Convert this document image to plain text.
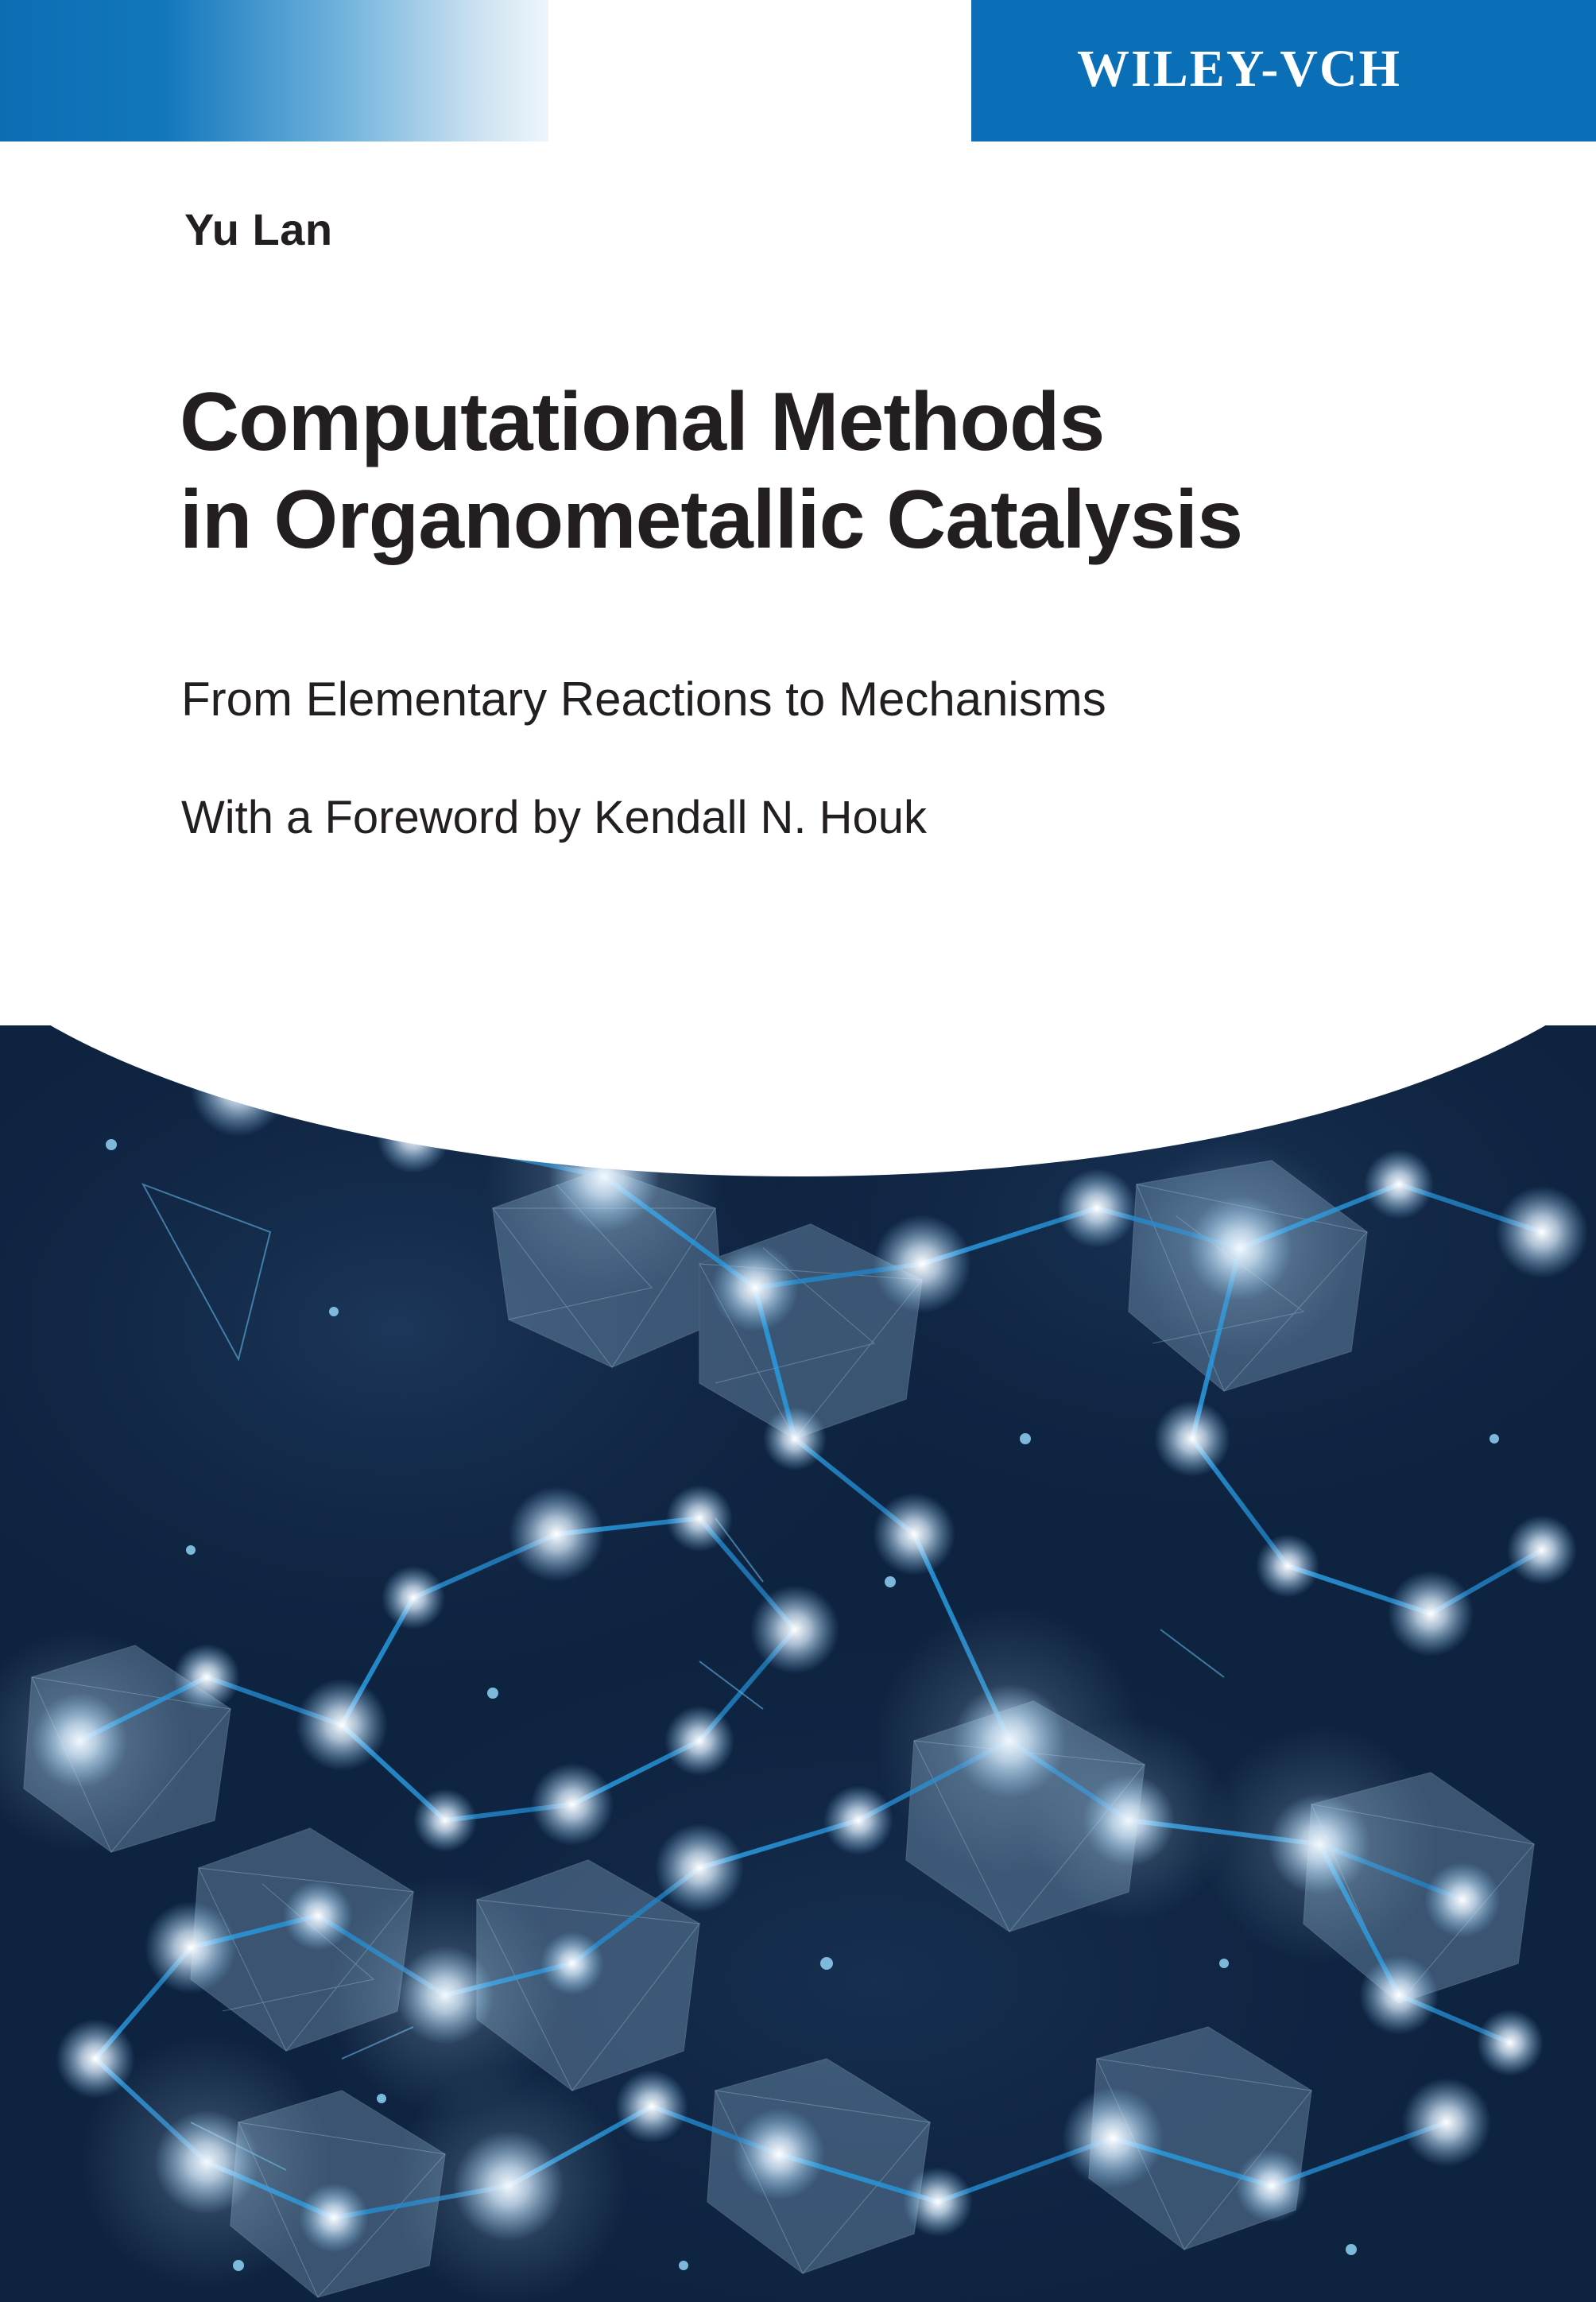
WILEY-VCH
Yu Lan
Computational Methods
in Organometallic Catalysis
From Elementary Reactions to Mechanisms
With a Foreword by Kendall N. Houk
